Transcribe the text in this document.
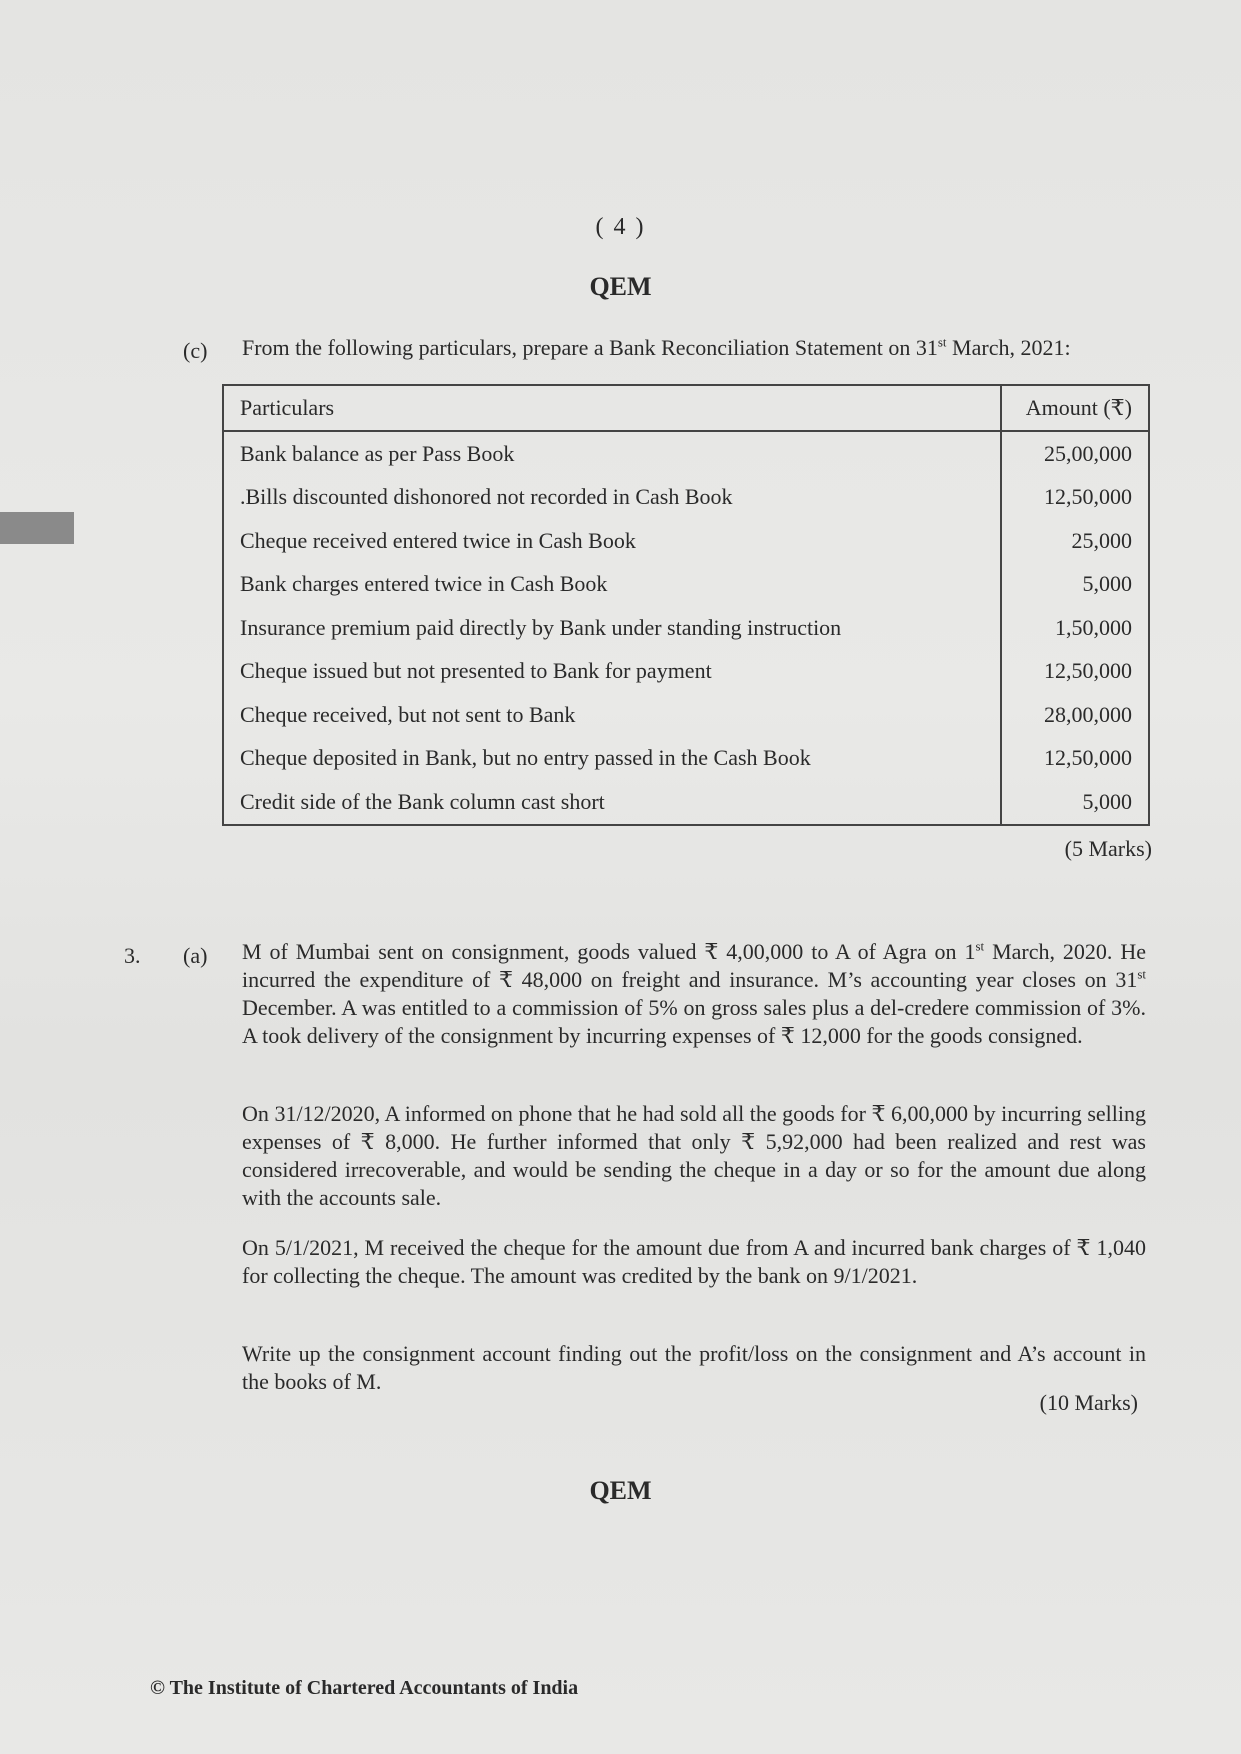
( 4 )
QEM
(c) From the following particulars, prepare a Bank Reconciliation Statement on 31st March, 2021:
Particulars	Amount (₹)
Bank balance as per Pass Book	25,00,000
.Bills discounted dishonored not recorded in Cash Book	12,50,000
Cheque received entered twice in Cash Book	25,000
Bank charges entered twice in Cash Book	5,000
Insurance premium paid directly by Bank under standing instruction	1,50,000
Cheque issued but not presented to Bank for payment	12,50,000
Cheque received, but not sent to Bank	28,00,000
Cheque deposited in Bank, but no entry passed in the Cash Book	12,50,000
Credit side of the Bank column cast short	5,000
(5 Marks)
3. (a) M of Mumbai sent on consignment, goods valued ₹ 4,00,000 to A of Agra on 1st March, 2020. He incurred the expenditure of ₹ 48,000 on freight and insurance. M’s accounting year closes on 31st December. A was entitled to a commission of 5% on gross sales plus a del-credere commission of 3%. A took delivery of the consignment by incurring expenses of ₹ 12,000 for the goods consigned.
On 31/12/2020, A informed on phone that he had sold all the goods for ₹ 6,00,000 by incurring selling expenses of ₹ 8,000. He further informed that only ₹ 5,92,000 had been realized and rest was considered irrecoverable, and would be sending the cheque in a day or so for the amount due along with the accounts sale.
On 5/1/2021, M received the cheque for the amount due from A and incurred bank charges of ₹ 1,040 for collecting the cheque. The amount was credited by the bank on 9/1/2021.
Write up the consignment account finding out the profit/loss on the consignment and A’s account in the books of M.
(10 Marks)
QEM
© The Institute of Chartered Accountants of India
